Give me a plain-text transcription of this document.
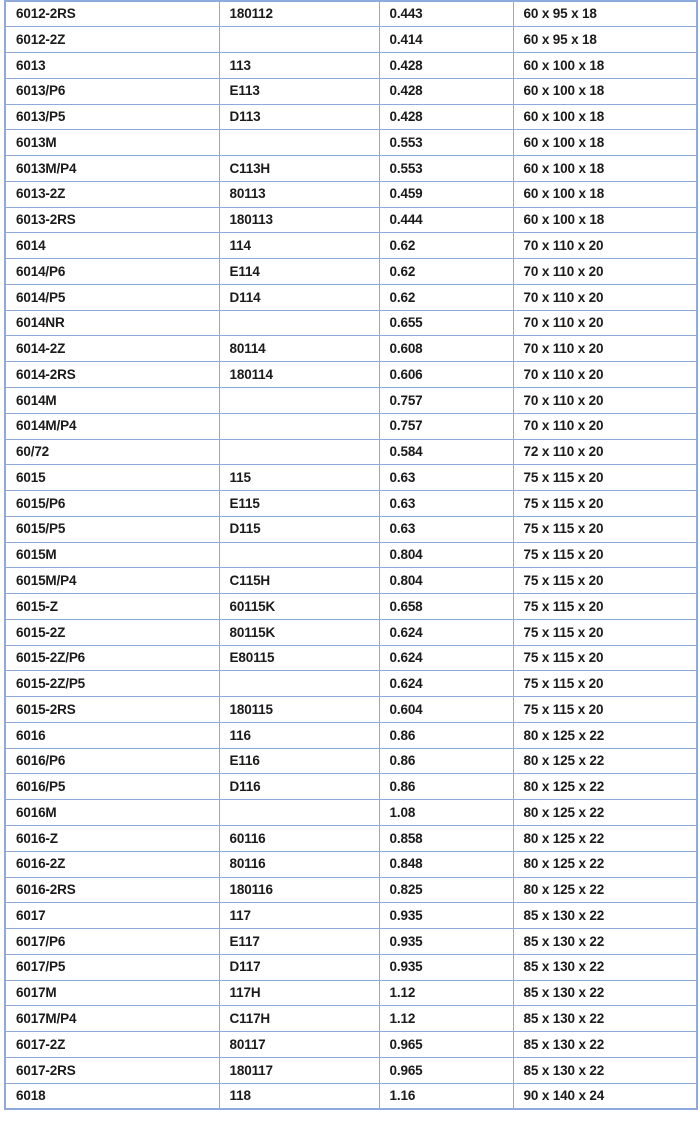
6012-2RS	180112	0.443	60 x 95 x 18
6012-2Z		0.414	60 x 95 x 18
6013	113	0.428	60 x 100 x 18
6013/P6	E113	0.428	60 x 100 x 18
6013/P5	D113	0.428	60 x 100 x 18
6013M		0.553	60 x 100 x 18
6013M/P4	C113H	0.553	60 x 100 x 18
6013-2Z	80113	0.459	60 x 100 x 18
6013-2RS	180113	0.444	60 x 100 x 18
6014	114	0.62	70 x 110 x 20
6014/P6	E114	0.62	70 x 110 x 20
6014/P5	D114	0.62	70 x 110 x 20
6014NR		0.655	70 x 110 x 20
6014-2Z	80114	0.608	70 x 110 x 20
6014-2RS	180114	0.606	70 x 110 x 20
6014M		0.757	70 x 110 x 20
6014M/P4		0.757	70 x 110 x 20
60/72		0.584	72 x 110 x 20
6015	115	0.63	75 x 115 x 20
6015/P6	E115	0.63	75 x 115 x 20
6015/P5	D115	0.63	75 x 115 x 20
6015M		0.804	75 x 115 x 20
6015M/P4	C115H	0.804	75 x 115 x 20
6015-Z	60115K	0.658	75 x 115 x 20
6015-2Z	80115K	0.624	75 x 115 x 20
6015-2Z/P6	E80115	0.624	75 x 115 x 20
6015-2Z/P5		0.624	75 x 115 x 20
6015-2RS	180115	0.604	75 x 115 x 20
6016	116	0.86	80 x 125 x 22
6016/P6	E116	0.86	80 x 125 x 22
6016/P5	D116	0.86	80 x 125 x 22
6016M		1.08	80 x 125 x 22
6016-Z	60116	0.858	80 x 125 x 22
6016-2Z	80116	0.848	80 x 125 x 22
6016-2RS	180116	0.825	80 x 125 x 22
6017	117	0.935	85 x 130 x 22
6017/P6	E117	0.935	85 x 130 x 22
6017/P5	D117	0.935	85 x 130 x 22
6017M	117H	1.12	85 x 130 x 22
6017M/P4	C117H	1.12	85 x 130 x 22
6017-2Z	80117	0.965	85 x 130 x 22
6017-2RS	180117	0.965	85 x 130 x 22
6018	118	1.16	90 x 140 x 24
